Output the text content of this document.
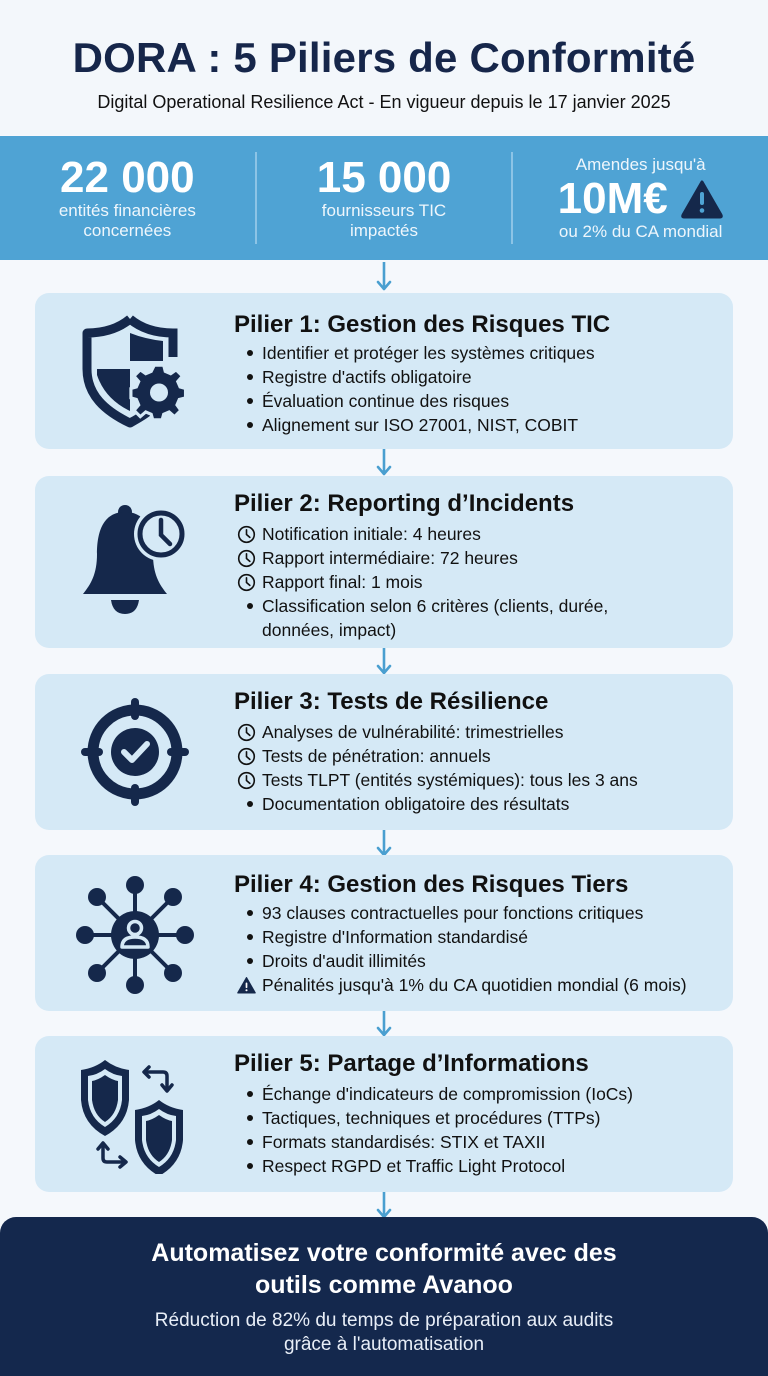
DORA : 5 Piliers de Conformité
Digital Operational Resilience Act - En vigueur depuis le 17 janvier 2025
22 000
entités financières
concernées
15 000
fournisseurs TIC
impactés
Amendes jusqu'à
10M€
ou 2% du CA mondial
Pilier 1: Gestion des Risques TIC
Identifier et protéger les systèmes critiques
Registre d'actifs obligatoire
Évaluation continue des risques
Alignement sur ISO 27001, NIST, COBIT
Pilier 2: Reporting d’Incidents
Notification initiale: 4 heures
Rapport intermédiaire: 72 heures
Rapport final: 1 mois
Classification selon 6 critères (clients, durée,
données, impact)
Pilier 3: Tests de Résilience
Analyses de vulnérabilité: trimestrielles
Tests de pénétration: annuels
Tests TLPT (entités systémiques): tous les 3 ans
Documentation obligatoire des résultats
Pilier 4: Gestion des Risques Tiers
93 clauses contractuelles pour fonctions critiques
Registre d'Information standardisé
Droits d'audit illimités
Pénalités jusqu'à 1% du CA quotidien mondial (6 mois)
Pilier 5: Partage d’Informations
Échange d'indicateurs de compromission (IoCs)
Tactiques, techniques et procédures (TTPs)
Formats standardisés: STIX et TAXII
Respect RGPD et Traffic Light Protocol
Automatisez votre conformité avec des
outils comme Avanoo
Réduction de 82% du temps de préparation aux audits
grâce à l'automatisation
